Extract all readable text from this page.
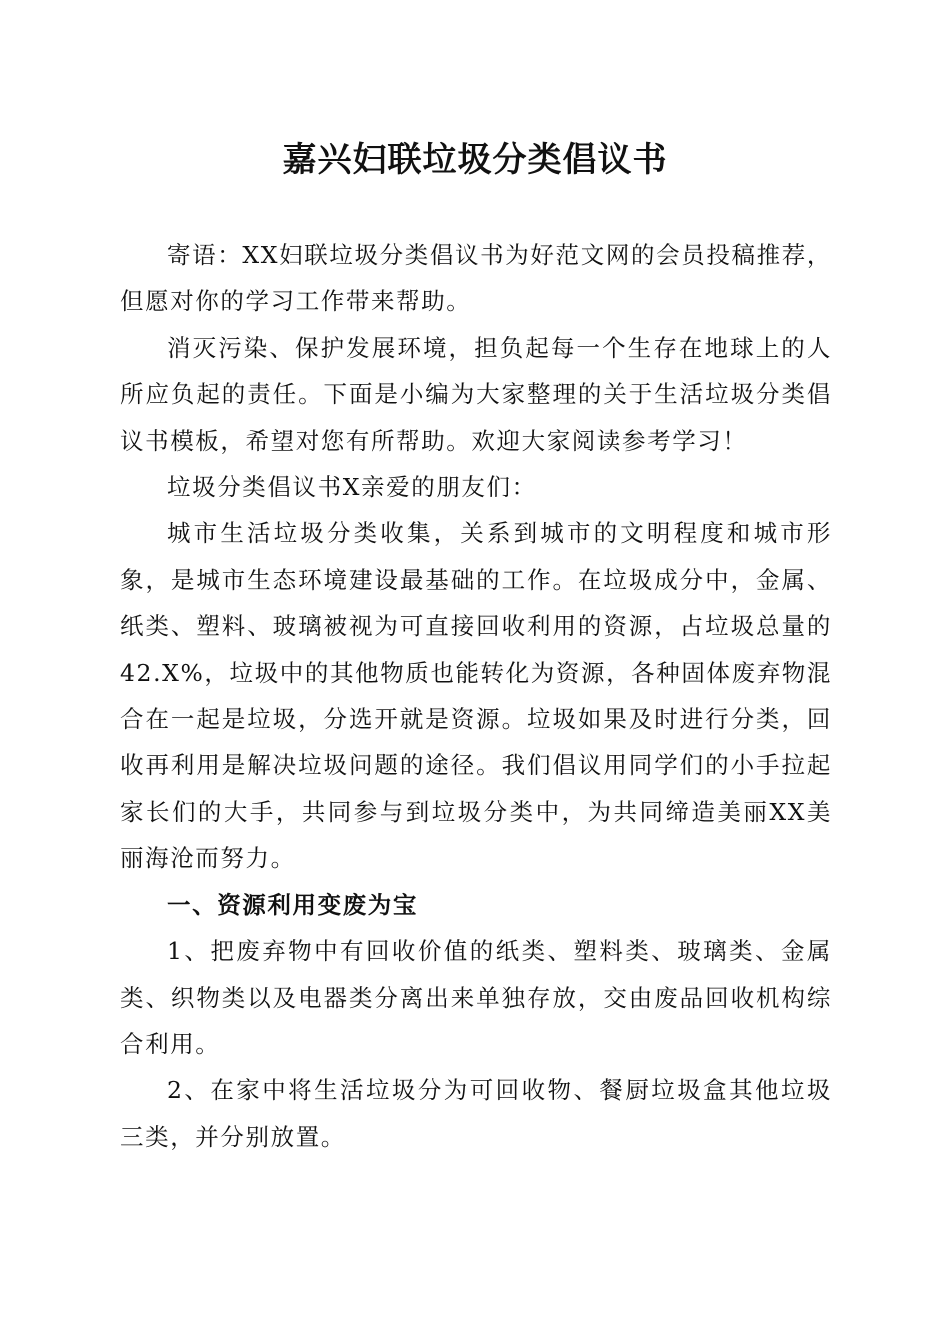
嘉兴妇联垃圾分类倡议书

寄语：XX妇联垃圾分类倡议书为好范文网的会员投稿推荐，但愿对你的学习工作带来帮助。

消灭污染、保护发展环境，担负起每一个生存在地球上的人所应负起的责任。下面是小编为大家整理的关于生活垃圾分类倡议书模板，希望对您有所帮助。欢迎大家阅读参考学习！

垃圾分类倡议书X亲爱的朋友们：

城市生活垃圾分类收集，关系到城市的文明程度和城市形象，是城市生态环境建设最基础的工作。在垃圾成分中，金属、纸类、塑料、玻璃被视为可直接回收利用的资源，占垃圾总量的42.X%，垃圾中的其他物质也能转化为资源，各种固体废弃物混合在一起是垃圾，分选开就是资源。垃圾如果及时进行分类，回收再利用是解决垃圾问题的途径。我们倡议用同学们的小手拉起家长们的大手，共同参与到垃圾分类中，为共同缔造美丽XX美丽海沧而努力。

一、资源利用变废为宝

1、把废弃物中有回收价值的纸类、塑料类、玻璃类、金属类、织物类以及电器类分离出来单独存放，交由废品回收机构综合利用。

2、在家中将生活垃圾分为可回收物、餐厨垃圾盒其他垃圾三类，并分别放置。
